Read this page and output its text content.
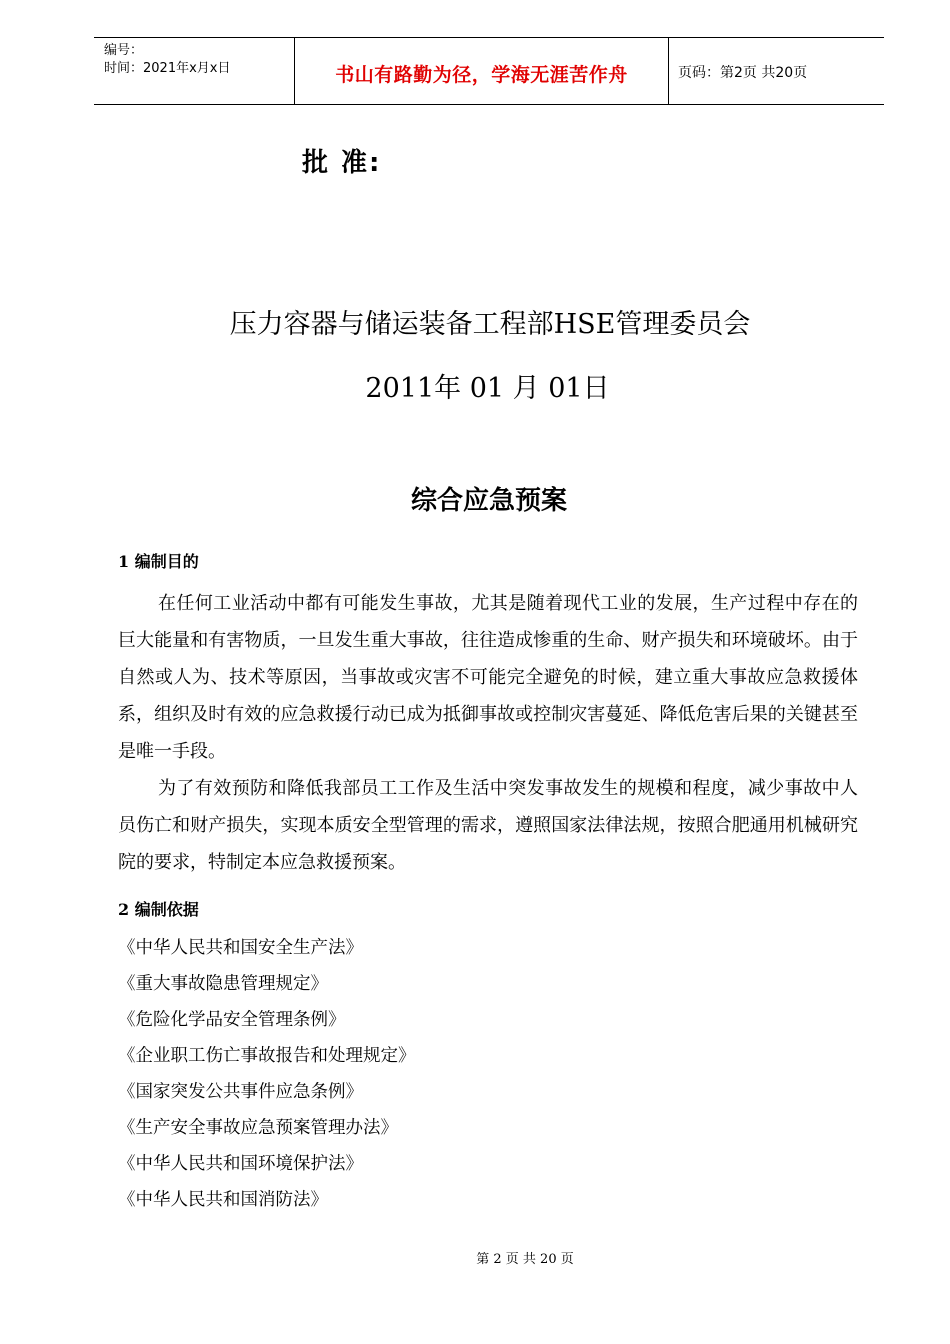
编号：
时间：2021年x月x日	书山有路勤为径，学海无涯苦作舟	页码：第2页 共20页
批 准:
压力容器与储运装备工程部HSE管理委员会
2011年 01 月 01日
综合应急预案
1 编制目的

在任何工业活动中都有可能发生事故，尤其是随着现代工业的发展，生产过程中存在的巨大能量和有害物质，一旦发生重大事故，往往造成惨重的生命、财产损失和环境破坏。由于自然或人为、技术等原因，当事故或灾害不可能完全避免的时候，建立重大事故应急救援体系，组织及时有效的应急救援行动已成为抵御事故或控制灾害蔓延、降低危害后果的关键甚至是唯一手段。

为了有效预防和降低我部员工工作及生活中突发事故发生的规模和程度，减少事故中人员伤亡和财产损失，实现本质安全型管理的需求，遵照国家法律法规，按照合肥通用机械研究院的要求，特制定本应急救援预案。

2 编制依据
《中华人民共和国安全生产法》
《重大事故隐患管理规定》
《危险化学品安全管理条例》
《企业职工伤亡事故报告和处理规定》
《国家突发公共事件应急条例》
《生产安全事故应急预案管理办法》
《中华人民共和国环境保护法》
《中华人民共和国消防法》
第 2 页 共 20 页
